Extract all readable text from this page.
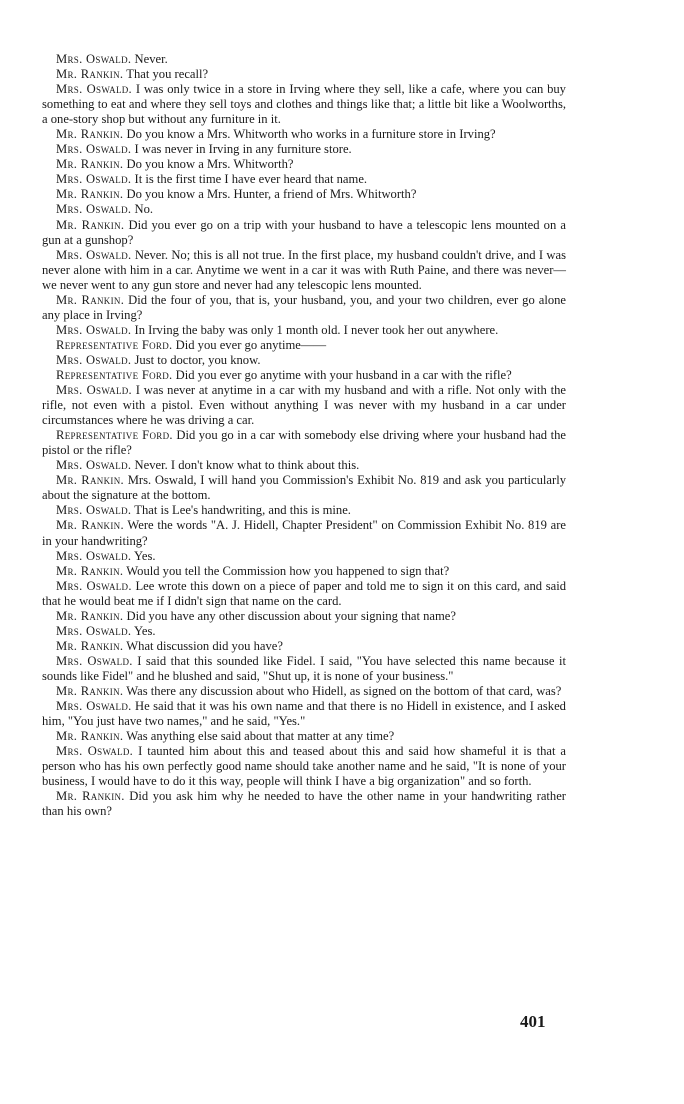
Mrs. Oswald. Never.

Mr. Rankin. That you recall?

Mrs. Oswald. I was only twice in a store in Irving where they sell, like a cafe, where you can buy something to eat and where they sell toys and clothes and things like that; a little bit like a Woolworths, a one-story shop but without any furniture in it.

Mr. Rankin. Do you know a Mrs. Whitworth who works in a furniture store in Irving?

Mrs. Oswald. I was never in Irving in any furniture store.

Mr. Rankin. Do you know a Mrs. Whitworth?

Mrs. Oswald. It is the first time I have ever heard that name.

Mr. Rankin. Do you know a Mrs. Hunter, a friend of Mrs. Whitworth?

Mrs. Oswald. No.

Mr. Rankin. Did you ever go on a trip with your husband to have a telescopic lens mounted on a gun at a gunshop?

Mrs. Oswald. Never. No; this is all not true. In the first place, my husband couldn't drive, and I was never alone with him in a car. Anytime we went in a car it was with Ruth Paine, and there was never—we never went to any gun store and never had any telescopic lens mounted.

Mr. Rankin. Did the four of you, that is, your husband, you, and your two children, ever go alone any place in Irving?

Mrs. Oswald. In Irving the baby was only 1 month old. I never took her out anywhere.

Representative Ford. Did you ever go anytime——

Mrs. Oswald. Just to doctor, you know.

Representative Ford. Did you ever go anytime with your husband in a car with the rifle?

Mrs. Oswald. I was never at anytime in a car with my husband and with a rifle. Not only with the rifle, not even with a pistol. Even without anything I was never with my husband in a car under circumstances where he was driving a car.

Representative Ford. Did you go in a car with somebody else driving where your husband had the pistol or the rifle?

Mrs. Oswald. Never. I don't know what to think about this.

Mr. Rankin. Mrs. Oswald, I will hand you Commission's Exhibit No. 819 and ask you particularly about the signature at the bottom.

Mrs. Oswald. That is Lee's handwriting, and this is mine.

Mr. Rankin. Were the words "A. J. Hidell, Chapter President" on Commission Exhibit No. 819 are in your handwriting?

Mrs. Oswald. Yes.

Mr. Rankin. Would you tell the Commission how you happened to sign that?

Mrs. Oswald. Lee wrote this down on a piece of paper and told me to sign it on this card, and said that he would beat me if I didn't sign that name on the card.

Mr. Rankin. Did you have any other discussion about your signing that name?

Mrs. Oswald. Yes.

Mr. Rankin. What discussion did you have?

Mrs. Oswald. I said that this sounded like Fidel. I said, "You have selected this name because it sounds like Fidel" and he blushed and said, "Shut up, it is none of your business."

Mr. Rankin. Was there any discussion about who Hidell, as signed on the bottom of that card, was?

Mrs. Oswald. He said that it was his own name and that there is no Hidell in existence, and I asked him, "You just have two names," and he said, "Yes."

Mr. Rankin. Was anything else said about that matter at any time?

Mrs. Oswald. I taunted him about this and teased about this and said how shameful it is that a person who has his own perfectly good name should take another name and he said, "It is none of your business, I would have to do it this way, people will think I have a big organization" and so forth.

Mr. Rankin. Did you ask him why he needed to have the other name in your handwriting rather than his own?

401
